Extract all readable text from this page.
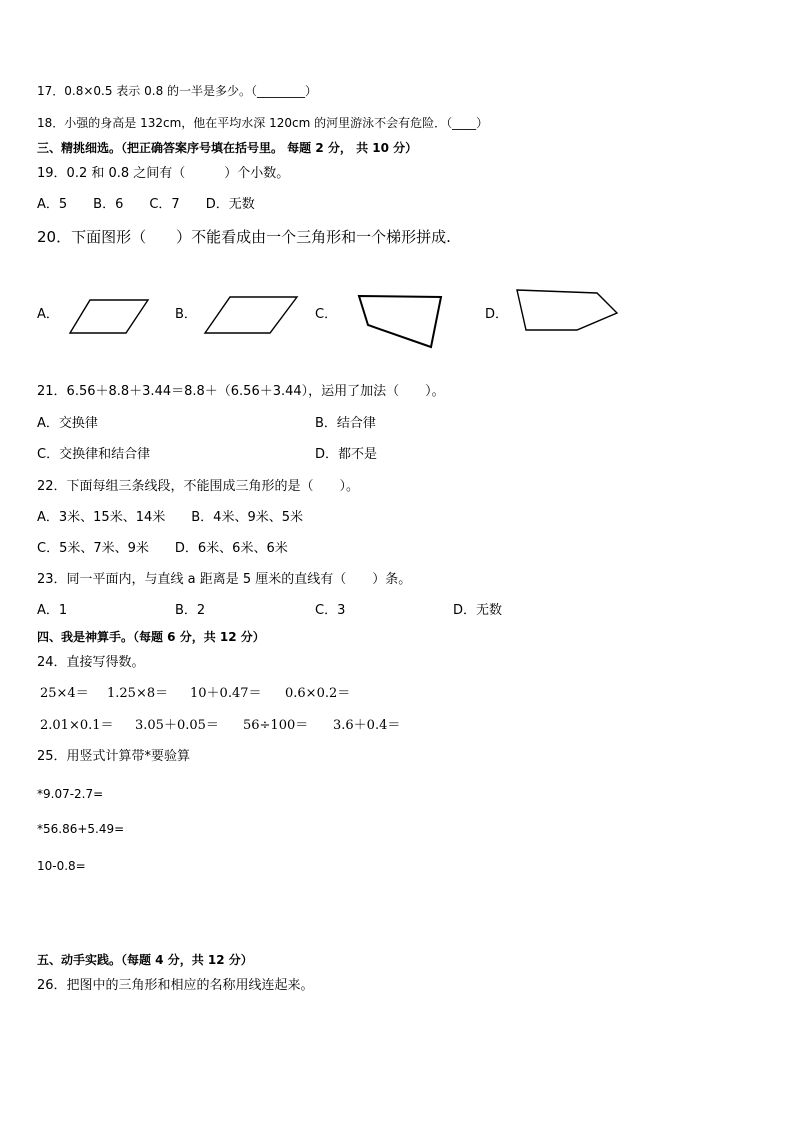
17．0.8×0.5 表示 0.8 的一半是多少。（________）
18．小强的身高是 132cm，他在平均水深 120cm 的河里游泳不会有危险．（____）
三、精挑细选。（把正确答案序号填在括号里。 每题 2 分， 共 10 分）
19．0.2 和 0.8 之间有（　　　）个小数。
A．5　　B．6　　C．7　　D．无数
20．下面图形（　　）不能看成由一个三角形和一个梯形拼成.
A．	B．	C．	D．
21．6.56＋8.8＋3.44＝8.8＋（6.56＋3.44），运用了加法（　　）。
A．交换律	B．结合律
C．交换律和结合律	D．都不是
22．下面每组三条线段，不能围成三角形的是（　　）。
A．3米、15米、14米　　B．4米、9米、5米
C．5米、7米、9米　　D．6米、6米、6米
23．同一平面内，与直线 a 距离是 5 厘米的直线有（　　）条。
A．1	B．2	C．3	D．无数
四、我是神算手。（每题 6 分，共 12 分）
24．直接写得数。
25×4＝ 1.25×8＝ 10＋0.47＝ 0.6×0.2＝
2.01×0.1＝ 3.05＋0.05＝ 56÷100＝ 3.6＋0.4＝
25．用竖式计算带*要验算
*9.07-2.7=
*56.86+5.49=
10-0.8=
五、动手实践。（每题 4 分，共 12 分）
26．把图中的三角形和相应的名称用线连起来。
